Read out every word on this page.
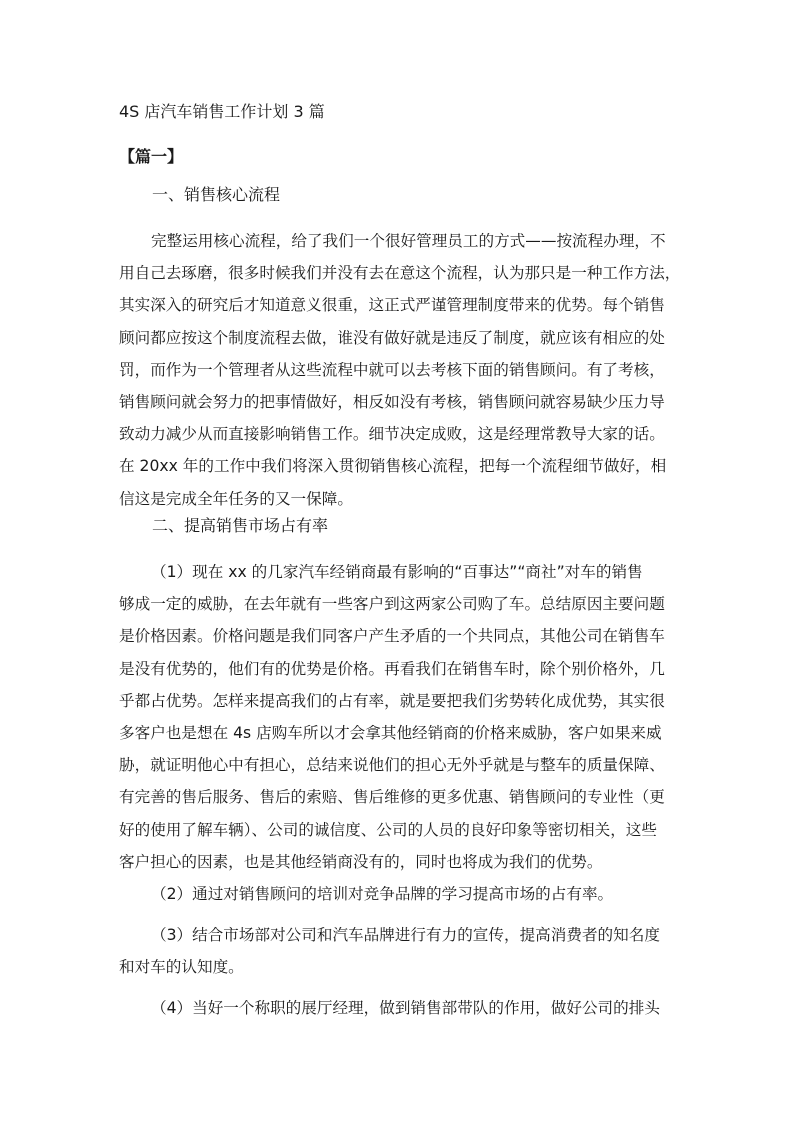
4S 店汽车销售工作计划 3 篇
【篇一】
一、销售核心流程
完整运用核心流程，给了我们一个很好管理员工的方式——按流程办理，不
用自己去琢磨，很多时候我们并没有去在意这个流程，认为那只是一种工作方法，
其实深入的研究后才知道意义很重，这正式严谨管理制度带来的优势。每个销售
顾问都应按这个制度流程去做，谁没有做好就是违反了制度，就应该有相应的处
罚，而作为一个管理者从这些流程中就可以去考核下面的销售顾问。有了考核，
销售顾问就会努力的把事情做好，相反如没有考核，销售顾问就容易缺少压力导
致动力减少从而直接影响销售工作。细节决定成败，这是经理常教导大家的话。
在 20xx 年的工作中我们将深入贯彻销售核心流程，把每一个流程细节做好，相
信这是完成全年任务的又一保障。
二、提高销售市场占有率
（1）现在 xx 的几家汽车经销商最有影响的“百事达”“商社”对车的销售
够成一定的威胁，在去年就有一些客户到这两家公司购了车。总结原因主要问题
是价格因素。价格问题是我们同客户产生矛盾的一个共同点，其他公司在销售车
是没有优势的，他们有的优势是价格。再看我们在销售车时，除个别价格外，几
乎都占优势。怎样来提高我们的占有率，就是要把我们劣势转化成优势，其实很
多客户也是想在 4s 店购车所以才会拿其他经销商的价格来威胁，客户如果来威
胁，就证明他心中有担心，总结来说他们的担心无外乎就是与整车的质量保障、
有完善的售后服务、售后的索赔、售后维修的更多优惠、销售顾问的专业性（更
好的使用了解车辆）、公司的诚信度、公司的人员的良好印象等密切相关，这些
客户担心的因素，也是其他经销商没有的，同时也将成为我们的优势。
（2）通过对销售顾问的培训对竞争品牌的学习提高市场的占有率。
（3）结合市场部对公司和汽车品牌进行有力的宣传，提高消费者的知名度
和对车的认知度。
（4）当好一个称职的展厅经理，做到销售部带队的作用，做好公司的排头
